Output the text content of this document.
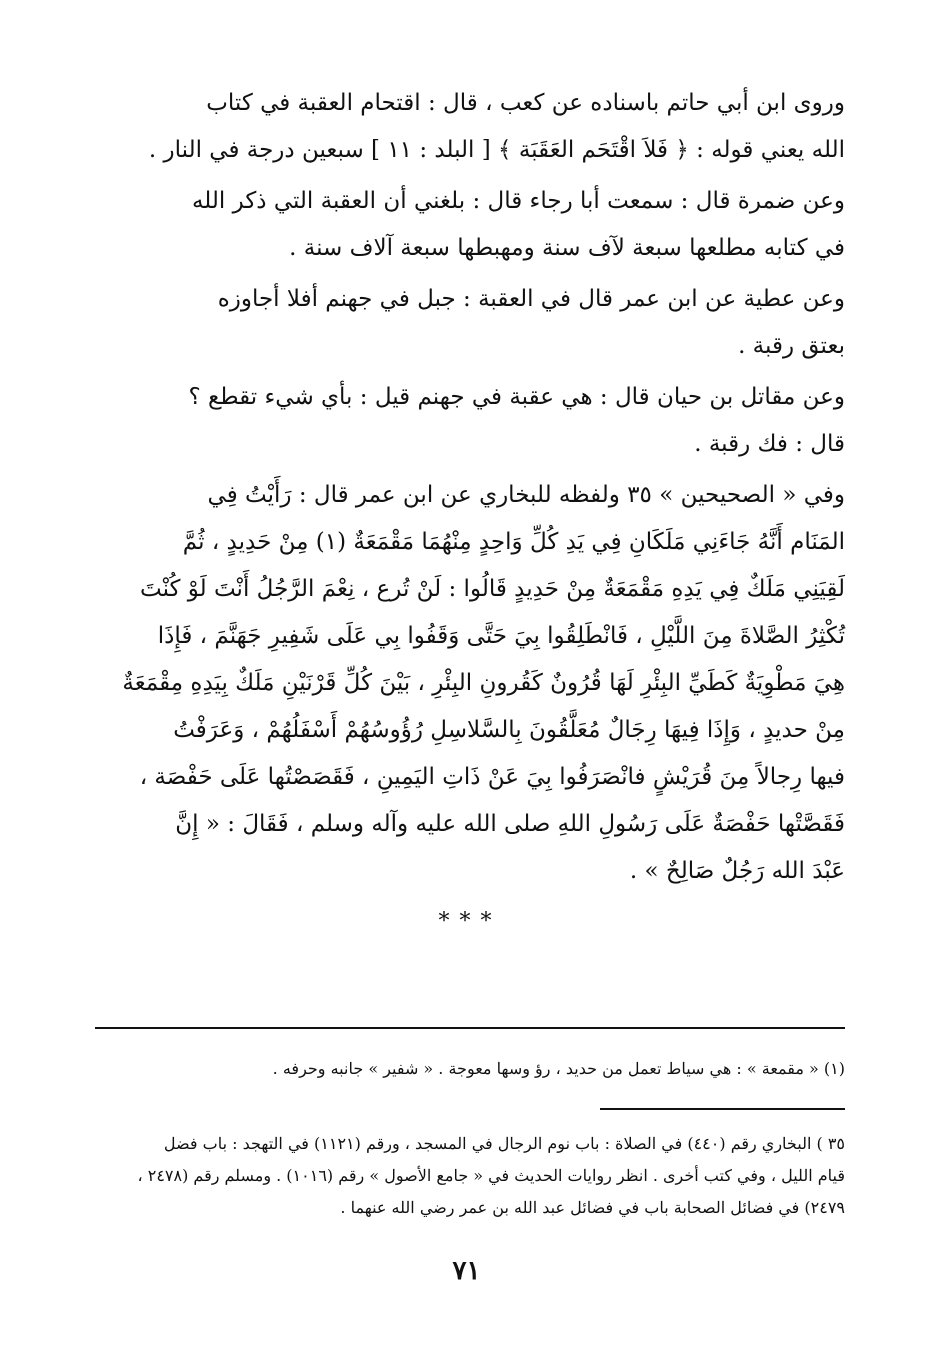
وروى ابن أبي حاتم باسناده عن كعب ، قال : اقتحام العقبة في كتاب
الله يعني قوله : ﴿ فَلاَ اقْتَحَم العَقَبَة ﴾ [ البلد : ١١ ] سبعين درجة في النار .

وعن ضمرة قال : سمعت أبا رجاء قال : بلغني أن العقبة التي ذكر الله
في كتابه مطلعها سبعة لآف سنة ومهبطها سبعة آلاف سنة .

وعن عطية عن ابن عمر قال في العقبة : جبل في جهنم أفلا أجاوزه
بعتق رقبة .

وعن مقاتل بن حيان قال : هي عقبة في جهنم قيل : بأي شيء تقطع ؟
قال : فك رقبة .

وفي « الصحيحين » ٣٥ ولفظه للبخاري عن ابن عمر قال : رَأَيْتُ فِي
المَنَام أَنَّهُ جَاءَنِي مَلَكَانِ فِي يَدِ كُلِّ وَاحِدٍ مِنْهُمَا مَقْمَعَةٌ (١) مِنْ حَدِيدٍ ، ثُمَّ
لَقِيَنِي مَلَكٌ فِي يَدِهِ مَقْمَعَةٌ مِنْ حَدِيدٍ قَالُوا : لَنْ تُرع ، نِعْمَ الرَّجُلُ أَنْتَ لَوْ كُنْتَ
تُكْثِرُ الصَّلاةَ مِنَ اللَّيْلِ ، فَانْطَلِقُوا بِيَ حَتَّى وَقَفُوا بِي عَلَى شَفِيرِ جَهَنَّمَ ، فَإِذَا
هِيَ مَطْوِيَةٌ كَطَيِّ البِئْرِ لَهَا قُرُونٌ كَقُرونِ البِئْرِ ، بَيْنَ كُلِّ قَرْنَيْنِ مَلَكٌ بِيَدِهِ مِقْمَعَةٌ
مِنْ حديدٍ ، وَإِذَا فِيهَا رِجَالٌ مُعَلَّقُونَ بِالسَّلاسِلِ رُؤُوسُهُمْ أَسْفَلُهُمْ ، وَعَرَفْتُ
فيها رِجالاً مِنَ قُرَيْشٍ فانْصَرَفُوا بِيَ عَنْ ذَاتِ اليَمِينِ ، فَقَصَصْتُها عَلَى حَفْصَة ،
فَقَصَّتْها حَفْصَةٌ عَلَى رَسُولِ اللهِ صلى الله عليه وآله وسلم ، فَقَالَ : « إِنَّ
عَبْدَ الله رَجُلٌ صَالِحٌ » .

***
(١) « مقمعة » : هي سياط تعمل من حديد ، رؤ وسها معوجة . « شفير » جانبه وحرفه .
٣٥ ) البخاري رقم (٤٤٠) في الصلاة : باب نوم الرجال في المسجد ، ورقم (١١٢١) في التهجد : باب فضل
قيام الليل ، وفي كتب أخرى . انظر روايات الحديث في « جامع الأصول » رقم (١٠١٦) . ومسلم رقم (٢٤٧٨ ،
٢٤٧٩) في فضائل الصحابة باب في فضائل عبد الله بن عمر رضي الله عنهما .
٧١
